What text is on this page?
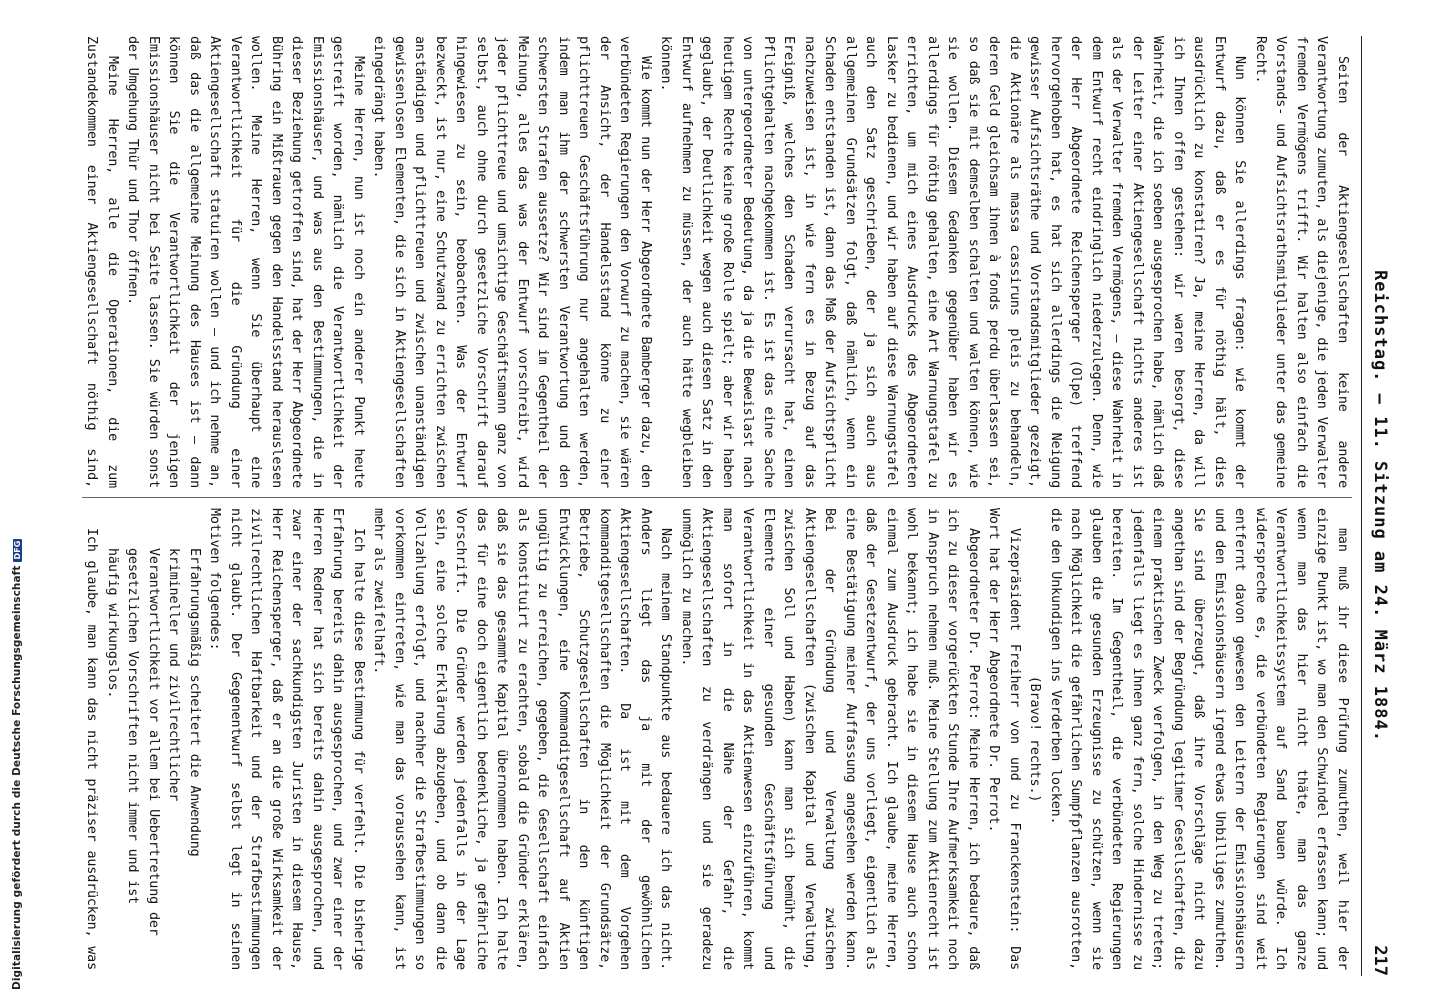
Digitalisierung gefördert durch die Deutsche ForschungsgemeinschaftDFG	Reichstag. — 11. Sitzung am 24. März 1884.
217

Seiten der Aktiengesellschaften keine andere Verantwortung zumuten, als diejenige, die jeden Verwalter fremden Vermögens trifft. Wir halten also einfach die Vorstands- und Aufsichtsrathsmitglieder unter das gemeine Recht.

Nun können Sie allerdings fragen: wie kommt der Entwurf dazu, daß er es für nöthig hält, dies ausdrücklich zu konstatiren? Ja, meine Herren, da will ich Ihnen offen gestehen: wir waren besorgt, diese Wahrheit, die ich soeben ausgesprochen habe, nämlich daß der Leiter einer Aktiengesellschaft nichts anderes ist als der Verwalter fremden Vermögens, — diese Wahrheit in dem Entwurf recht eindringlich niederzulegen. Denn, wie der Herr Abgeordnete Reichensperger (Olpe) treffend hervorgehoben hat, es hat sich allerdings die Neigung gewisser Aufsichtsräthe und Vorstandsmitglieder gezeigt, die Aktionäre als massa cassiruns pleis zu behandeln, deren Geld gleichsam ihnen à fonds perdu überlassen sei, so daß sie mit demselben schalten und walten können, wie sie wollen. Diesem Gedanken gegenüber haben wir es allerdings für nöthig gehalten, eine Art Warnungstafel zu errichten, um mich eines Ausdrucks des Abgeordneten Lasker zu bedienen, und wir haben auf diese Warnungstafel auch den Satz geschrieben, der ja sich auch aus allgemeinen Grundsätzen folgt, daß nämlich, wenn ein Schaden entstanden ist, dann das Maß der Aufsichtspflicht nachzuweisen ist, in wie fern es in Bezug auf das Ereigniß, welches den Schaden verursacht hat, einen Pflichtgehalten nachgekommen ist. Es ist das eine Sache von untergeordneter Bedeutung, da ja die Beweislast nach heutigem Rechte keine große Rolle spielt; aber wir haben geglaubt, der Deutlichkeit wegen auch diesen Satz in den Entwurf aufnehmen zu müssen, der auch hätte wegbleiben können.

Wie kommt nun der Herr Abgeordnete Bamberger dazu, den verbündeten Regierungen den Vorwurf zu machen, sie wären der Ansicht, der Handelsstand könne zu einer pflichttreuen Geschäftsführung nur angehalten werden, indem man ihm der schwersten Verantwortung und den schwersten Strafen aussetze? Wir sind im Gegentheil der Meinung, alles das was der Entwurf vorschreibt, wird jeder pflichttreue und umsichtige Geschäftsmann ganz von selbst, auch ohne durch gesetzliche Vorschrift darauf hingewiesen zu sein, beobachten. Was der Entwurf bezweckt, ist nur, eine Schutzwand zu errichten zwischen anständigen und pflichttreuen und zwischen unanständigen gewissenlosen Elementen, die sich in Aktiengesellschaften eingedrängt haben.

Meine Herren, nun ist noch ein anderer Punkt heute gestreift worden, nämlich die Verantwortlichkeit der Emissionshäuser, und was aus den Bestimmungen, die in dieser Beziehung getroffen sind, hat der Herr Abgeordnete Bühring ein Mißtrauen gegen den Handelsstand herauslesen wollen. Meine Herren, wenn Sie überhaupt eine Verantwortlichkeit für die Gründung einer Aktiengesellschaft statuiren wollen — und ich nehme an, daß das die allgemeine Meinung des Hauses ist — dann können Sie die Verantwortlichkeit der jenigen Emissionshäuser nicht bei Seite lassen. Sie würden sonst der Umgehung Thür und Thor öffnen.

Meine Herren, alle die Operationen, die zum Zustandekommen einer Aktiengesellschaft nöthig sind,

man muß ihr diese Prüfung zumuthen, weil hier der einzige Punkt ist, wo man den Schwindel erfassen kann; und wenn man das hier nicht thäte, man das ganze Verantwortlichkeitssystem auf Sand bauen würde. Ich widerspreche es, die verbündeten Regierungen sind weit entfernt davon gewesen den Leitern der Emissionshäusern und den Emissionshäusern irgend etwas Unbilliges zumuthen. Sie sind überzeugt, daß ihre Vorschläge nicht dazu angethan sind der Begründung legitimer Gesellschaften, die einem praktischen Zweck verfolgen, in den Weg zu treten; jedenfalls liegt es ihnen ganz fern, solche Hindernisse zu bereiten. Im Gegentheil, die verbündeten Regierungen glauben die gesunden Erzeugnisse zu schützen, wenn sie nach Möglichkeit die gefährlichen Sumpfpflanzen ausrotten, die den Unkundigen ins Verderben locken.

(Bravo! rechts.)

Vizepräsident Freiherr von und zu Franckenstein: Das Wort hat der Herr Abgeordnete Dr. Perrot.

Abgeordneter Dr. Perrot: Meine Herren, ich bedaure, daß ich zu dieser vorgerückten Stunde Ihre Aufmerksamkeit noch in Anspruch nehmen muß. Meine Stellung zum Aktienrecht ist wohl bekannt; ich habe sie in diesem Hause auch schon einmal zum Ausdruck gebracht. Ich glaube, meine Herren, daß der Gesetzentwurf, der uns vorliegt, eigentlich als eine Bestätigung meiner Auffassung angesehen werden kann. Bei der Gründung und Verwaltung zwischen Aktiengesellschaften (zwischen Kapital und Verwaltung, zwischen Soll und Haben) kann man sich bemüht, die Elemente einer gesunden Geschäftsführung und Verantwortlichkeit in das Aktienwesen einzuführen, kommt man sofort in die Nähe der Gefahr, die Aktiengesellschaften zu verdrängen und sie geradezu unmöglich zu machen.

Nach meinem Standpunkte aus bedauere ich das nicht. Anders liegt das ja mit der gewöhnlichen Aktiengesellschaften. Da ist mit dem Vorgehen kommanditgesellschaften die Möglichkeit der Grundsätze, Betriebe, Schutzgesellschaften in den künftigen Entwicklungen, eine Kommanditgesellschaft auf Aktien ungültig zu erreichen, gegeben, die Gesellschaft einfach als konstituirt zu erachten, sobald die Gründer erklären, daß sie das gesammte Kapital übernommen haben. Ich halte das für eine doch eigentlich bedenkliche, ja gefährliche Vorschrift. Die Gründer werden jedenfalls in der Lage sein, eine solche Erklärung abzugeben, und ob dann die Vollzahlung erfolgt, und nachher die Strafbestimmungen so vorkommen eintreten, wie man das voraussehen kann, ist mehr als zweifelhaft.

Ich halte diese Bestimmung für verfehlt. Die bisherige Erfahrung bereits dahin ausgesprochen, und zwar einer der Herren Redner hat sich bereits dahin ausgesprochen, und zwar einer der sachkundigsten Juristen in diesem Hause, Herr Reichensperger, daß er an die große Wirksamkeit der zivilrechtlichen Haftbarkeit und der Strafbestimmungen nicht glaubt. Der Gegenentwurf selbst legt in seinen Motiven folgendes:

Erfahrungsmäßig scheitert die Anwendung krimineller und zivilrechtlicher Verantwortlichkeit vor allem bei Uebertretung der gesetzlichen Vorschriften nicht immer und ist häufig wirkungslos.

Ich glaube, man kann das nicht präziser ausdrücken, was
